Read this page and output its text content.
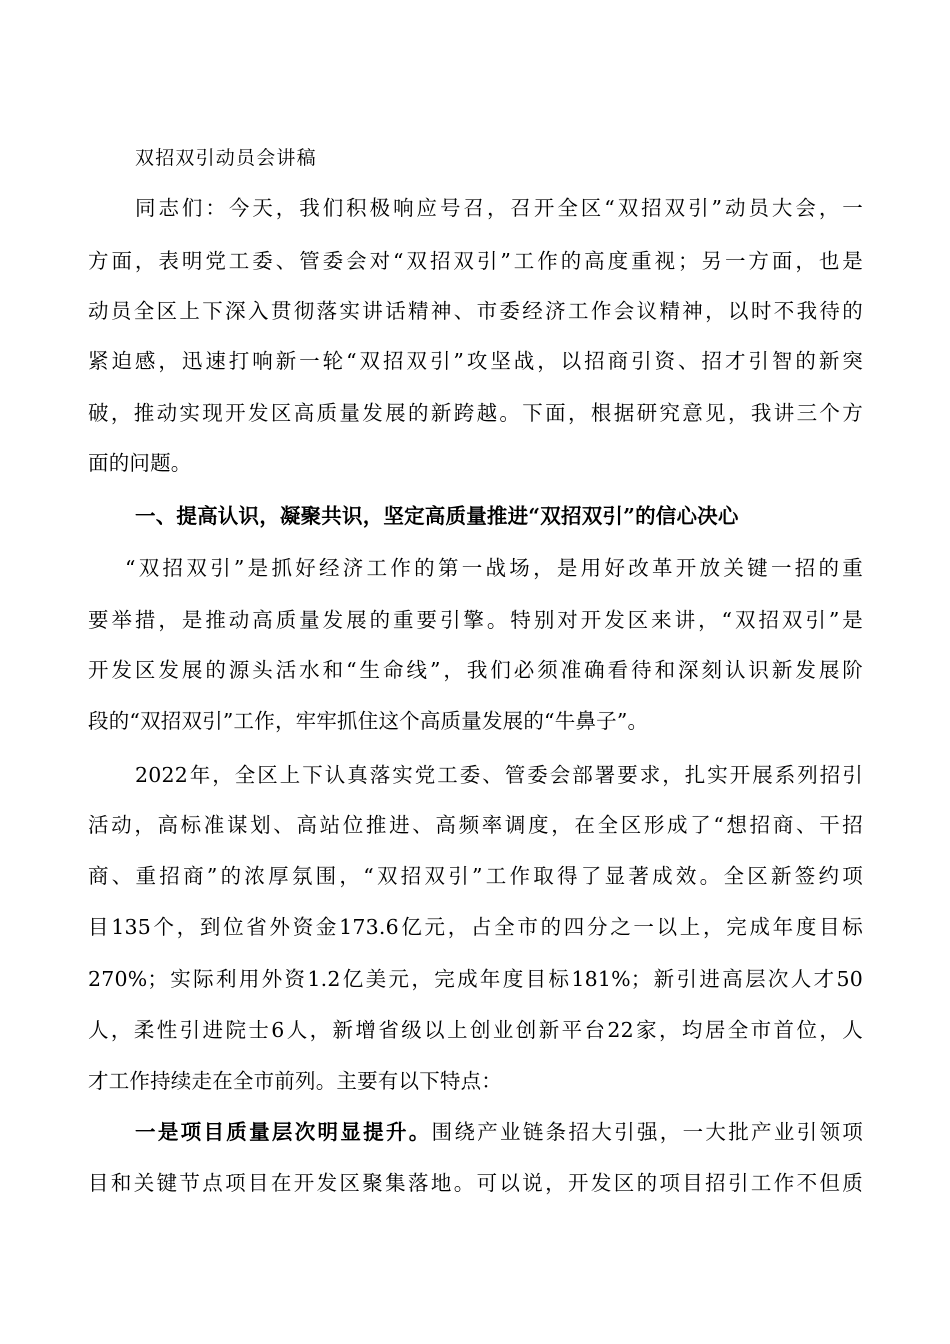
双招双引动员会讲稿
同志们：今天，我们积极响应号召，召开全区“双招双引”动员大会，一
方面，表明党工委、管委会对“双招双引”工作的高度重视；另一方面，也是
动员全区上下深入贯彻落实讲话精神、市委经济工作会议精神，以时不我待的
紧迫感，迅速打响新一轮“双招双引”攻坚战，以招商引资、招才引智的新突
破，推动实现开发区高质量发展的新跨越。下面，根据研究意见，我讲三个方
面的问题。
一、提高认识，凝聚共识，坚定高质量推进“双招双引”的信心决心
“双招双引”是抓好经济工作的第一战场，是用好改革开放关键一招的重
要举措，是推动高质量发展的重要引擎。特别对开发区来讲，“双招双引”是
开发区发展的源头活水和“生命线”，我们必须准确看待和深刻认识新发展阶
段的“双招双引”工作，牢牢抓住这个高质量发展的“牛鼻子”。
2022年，全区上下认真落实党工委、管委会部署要求，扎实开展系列招引
活动，高标准谋划、高站位推进、高频率调度，在全区形成了“想招商、干招
商、重招商”的浓厚氛围，“双招双引”工作取得了显著成效。全区新签约项
目135个，到位省外资金173.6亿元，占全市的四分之一以上，完成年度目标
270%；实际利用外资1.2亿美元，完成年度目标181%；新引进高层次人才50
人，柔性引进院士6人，新增省级以上创业创新平台22家，均居全市首位，人
才工作持续走在全市前列。主要有以下特点：
一是项目质量层次明显提升。围绕产业链条招大引强，一大批产业引领项
目和关键节点项目在开发区聚集落地。可以说，开发区的项目招引工作不但质
